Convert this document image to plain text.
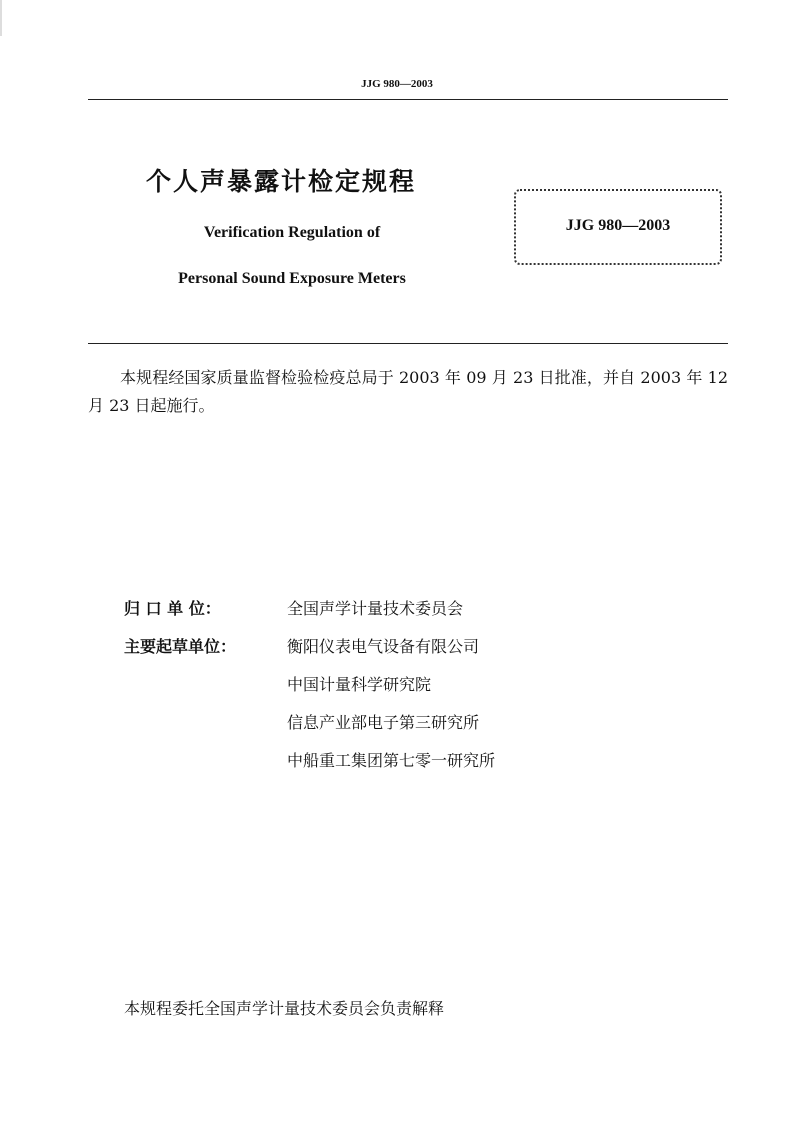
JJG 980—2003
个人声暴露计检定规程
Verification Regulation of
Personal Sound Exposure Meters
JJG 980—2003
本规程经国家质量监督检验检疫总局于 2003 年 09 月 23 日批准，并自 2003 年 12 月 23 日起施行。
归 口 单 位：	全国声学计量技术委员会
主要起草单位：	衡阳仪表电气设备有限公司
中国计量科学研究院
信息产业部电子第三研究所
中船重工集团第七零一研究所
本规程委托全国声学计量技术委员会负责解释
